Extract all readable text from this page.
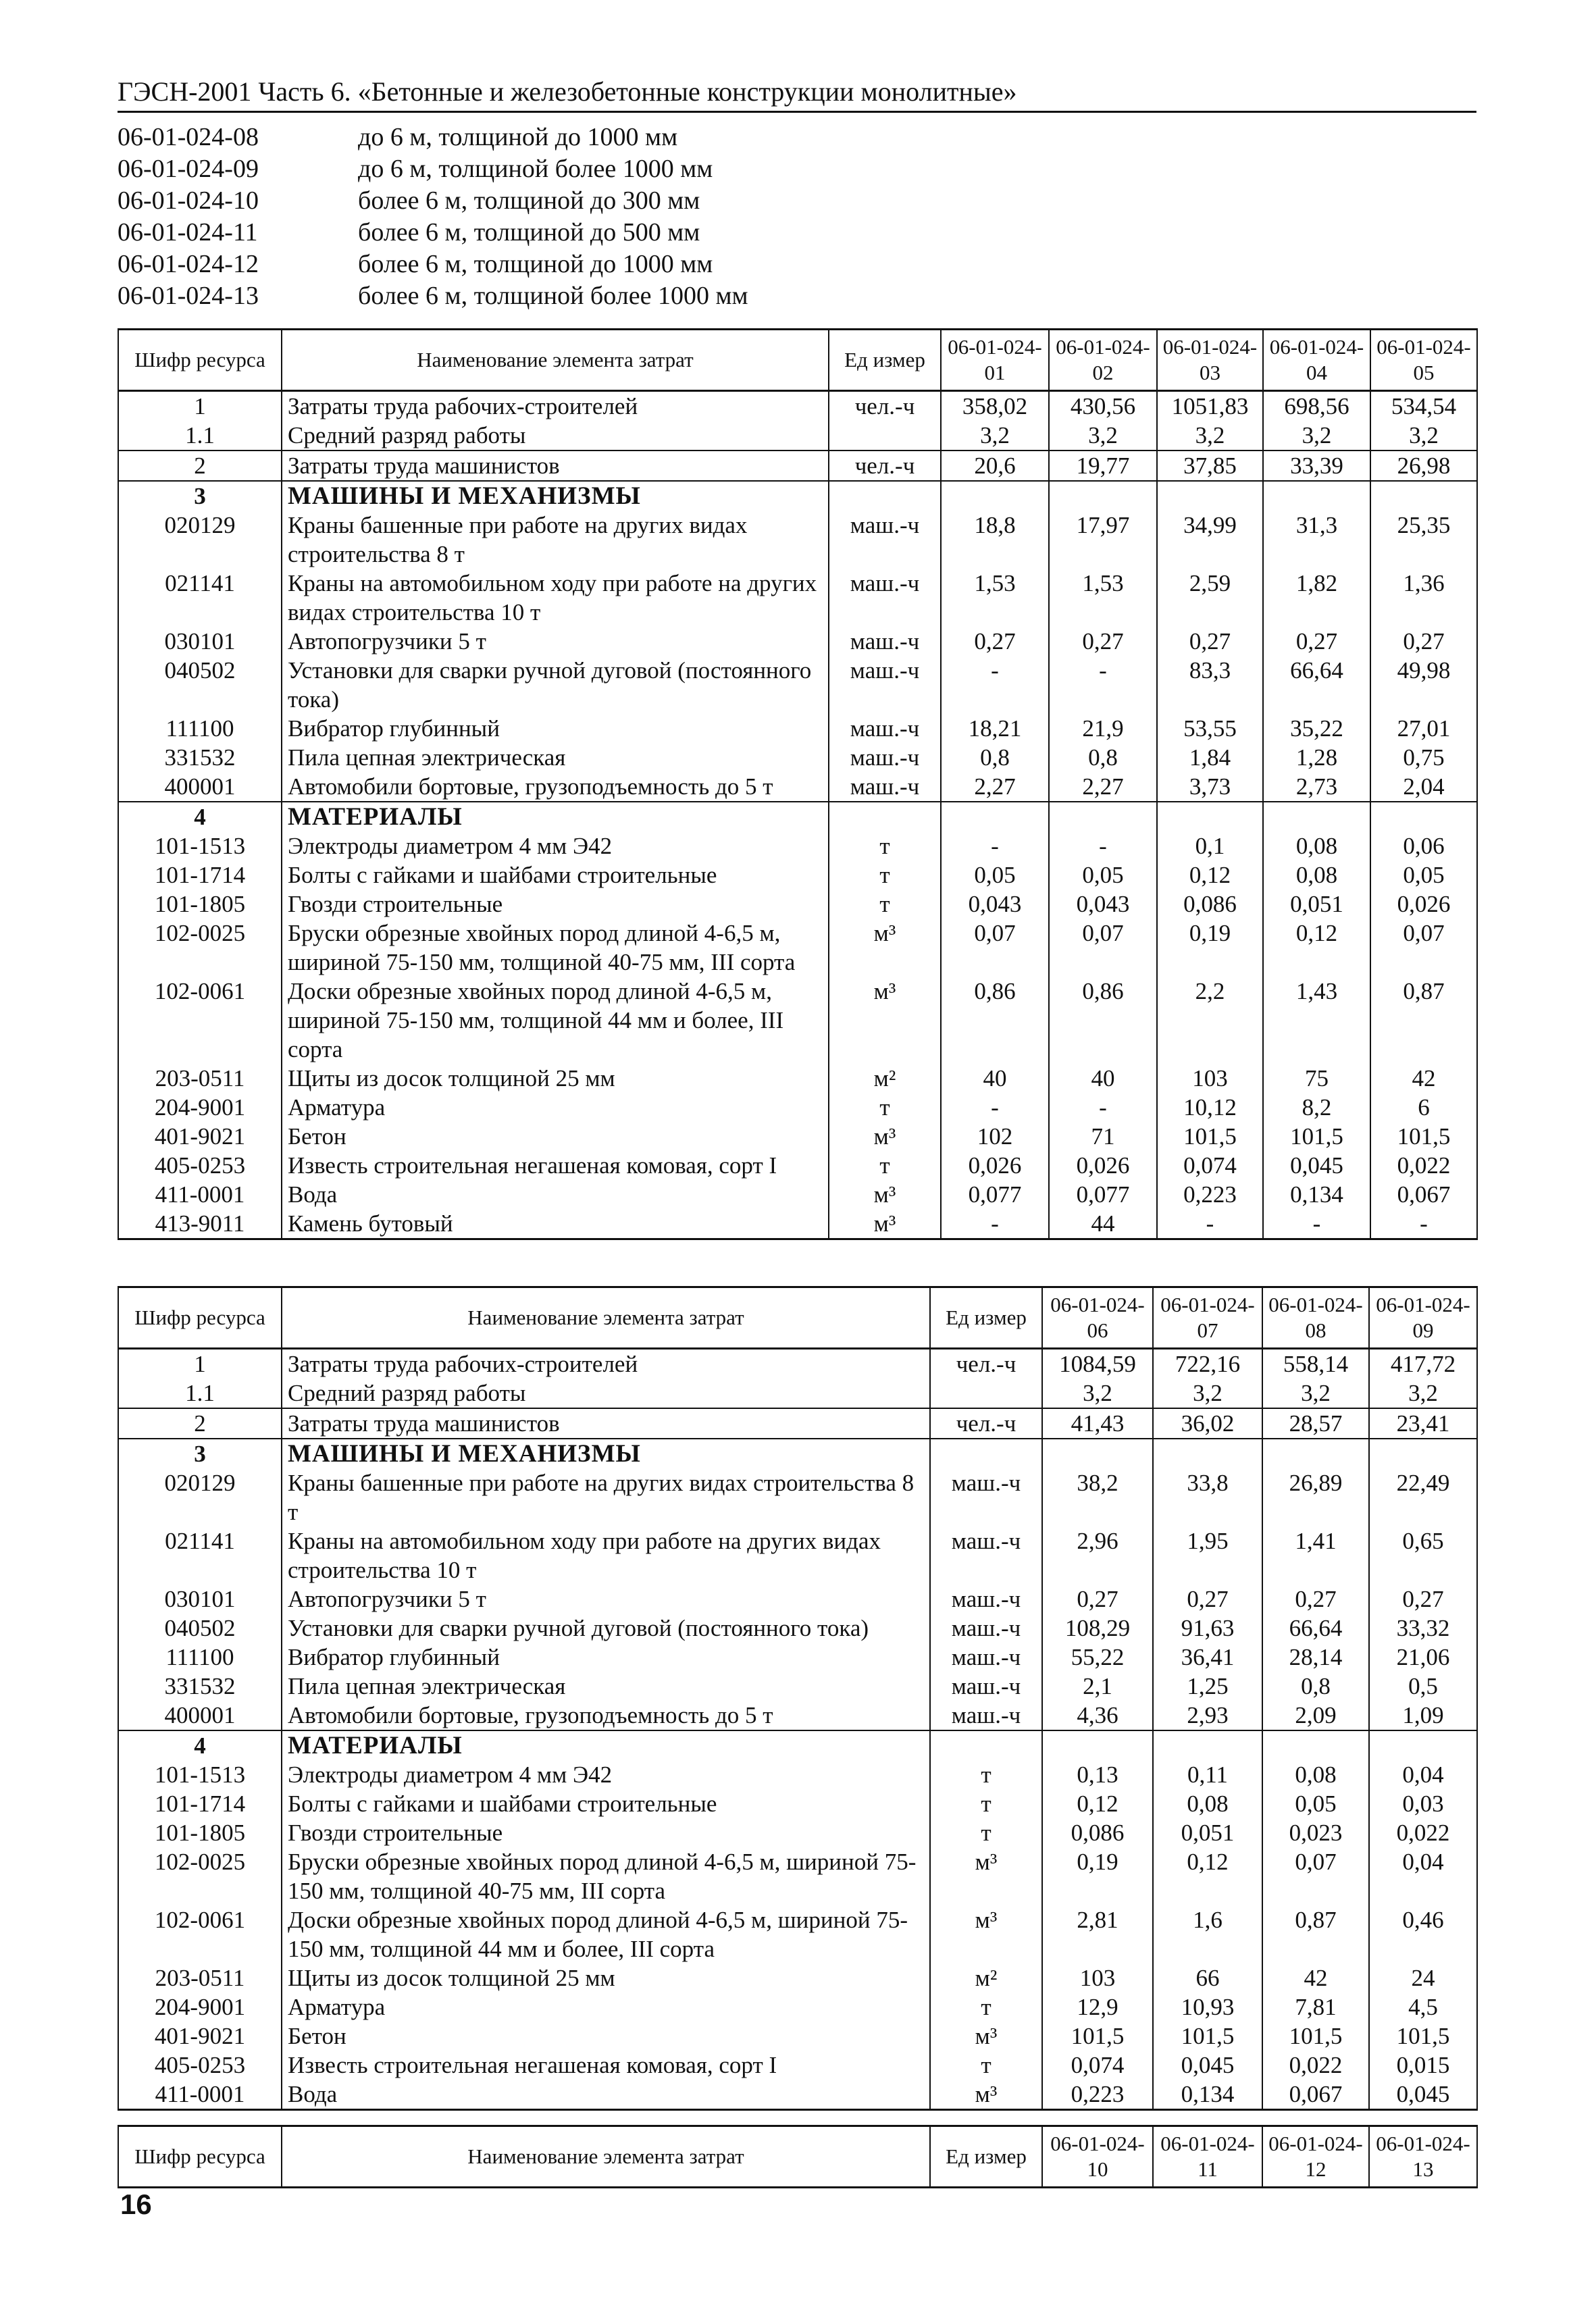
ГЭСН-2001 Часть 6. «Бетонные и железобетонные конструкции монолитные»
06-01-024-08	до 6 м, толщиной до 1000 мм
06-01-024-09	до 6 м, толщиной более 1000 мм
06-01-024-10	более 6 м, толщиной до 300 мм
06-01-024-11	более 6 м, толщиной до 500 мм
06-01-024-12	более 6 м, толщиной до 1000 мм
06-01-024-13	более 6 м, толщиной более 1000 мм
Шифр ресурса	Наименование элемента затрат	Ед измер	06-01-024-01	06-01-024-02	06-01-024-03	06-01-024-04	06-01-024-05
1	Затраты труда рабочих-строителей	чел.-ч	358,02	430,56	1051,83	698,56	534,54
1.1	Средний разряд работы		3,2	3,2	3,2	3,2	3,2
2	Затраты труда машинистов	чел.-ч	20,6	19,77	37,85	33,39	26,98
3	МАШИНЫ И МЕХАНИЗМЫ						
020129	Краны башенные при работе на других видах строительства 8 т	маш.-ч	18,8	17,97	34,99	31,3	25,35
021141	Краны на автомобильном ходу при работе на других видах строительства 10 т	маш.-ч	1,53	1,53	2,59	1,82	1,36
030101	Автопогрузчики 5 т	маш.-ч	0,27	0,27	0,27	0,27	0,27
040502	Установки для сварки ручной дуговой (постоянного тока)	маш.-ч	-	-	83,3	66,64	49,98
111100	Вибратор глубинный	маш.-ч	18,21	21,9	53,55	35,22	27,01
331532	Пила цепная электрическая	маш.-ч	0,8	0,8	1,84	1,28	0,75
400001	Автомобили бортовые, грузоподъемность до 5 т	маш.-ч	2,27	2,27	3,73	2,73	2,04
4	МАТЕРИАЛЫ						
101-1513	Электроды диаметром 4 мм Э42	т	-	-	0,1	0,08	0,06
101-1714	Болты с гайками и шайбами строительные	т	0,05	0,05	0,12	0,08	0,05
101-1805	Гвозди строительные	т	0,043	0,043	0,086	0,051	0,026
102-0025	Бруски обрезные хвойных пород длиной 4-6,5 м, шириной 75-150 мм, толщиной 40-75 мм, III сорта	м³	0,07	0,07	0,19	0,12	0,07
102-0061	Доски обрезные хвойных пород длиной 4-6,5 м, шириной 75-150 мм, толщиной 44 мм и более, III сорта	м³	0,86	0,86	2,2	1,43	0,87
203-0511	Щиты из досок толщиной 25 мм	м²	40	40	103	75	42
204-9001	Арматура	т	-	-	10,12	8,2	6
401-9021	Бетон	м³	102	71	101,5	101,5	101,5
405-0253	Известь строительная негашеная комовая, сорт I	т	0,026	0,026	0,074	0,045	0,022
411-0001	Вода	м³	0,077	0,077	0,223	0,134	0,067
413-9011	Камень бутовый	м³	-	44	-	-	-
Шифр ресурса	Наименование элемента затрат	Ед измер	06-01-024-06	06-01-024-07	06-01-024-08	06-01-024-09
1	Затраты труда рабочих-строителей	чел.-ч	1084,59	722,16	558,14	417,72
1.1	Средний разряд работы		3,2	3,2	3,2	3,2
2	Затраты труда машинистов	чел.-ч	41,43	36,02	28,57	23,41
3	МАШИНЫ И МЕХАНИЗМЫ					
020129	Краны башенные при работе на других видах строительства 8 т	маш.-ч	38,2	33,8	26,89	22,49
021141	Краны на автомобильном ходу при работе на других видах строительства 10 т	маш.-ч	2,96	1,95	1,41	0,65
030101	Автопогрузчики 5 т	маш.-ч	0,27	0,27	0,27	0,27
040502	Установки для сварки ручной дуговой (постоянного тока)	маш.-ч	108,29	91,63	66,64	33,32
111100	Вибратор глубинный	маш.-ч	55,22	36,41	28,14	21,06
331532	Пила цепная электрическая	маш.-ч	2,1	1,25	0,8	0,5
400001	Автомобили бортовые, грузоподъемность до 5 т	маш.-ч	4,36	2,93	2,09	1,09
4	МАТЕРИАЛЫ					
101-1513	Электроды диаметром 4 мм Э42	т	0,13	0,11	0,08	0,04
101-1714	Болты с гайками и шайбами строительные	т	0,12	0,08	0,05	0,03
101-1805	Гвозди строительные	т	0,086	0,051	0,023	0,022
102-0025	Бруски обрезные хвойных пород длиной 4-6,5 м, шириной 75-150 мм, толщиной 40-75 мм, III сорта	м³	0,19	0,12	0,07	0,04
102-0061	Доски обрезные хвойных пород длиной 4-6,5 м, шириной 75-150 мм, толщиной 44 мм и более, III сорта	м³	2,81	1,6	0,87	0,46
203-0511	Щиты из досок толщиной 25 мм	м²	103	66	42	24
204-9001	Арматура	т	12,9	10,93	7,81	4,5
401-9021	Бетон	м³	101,5	101,5	101,5	101,5
405-0253	Известь строительная негашеная комовая, сорт I	т	0,074	0,045	0,022	0,015
411-0001	Вода	м³	0,223	0,134	0,067	0,045
Шифр ресурса	Наименование элемента затрат	Ед измер	06-01-024-10	06-01-024-11	06-01-024-12	06-01-024-13
16
